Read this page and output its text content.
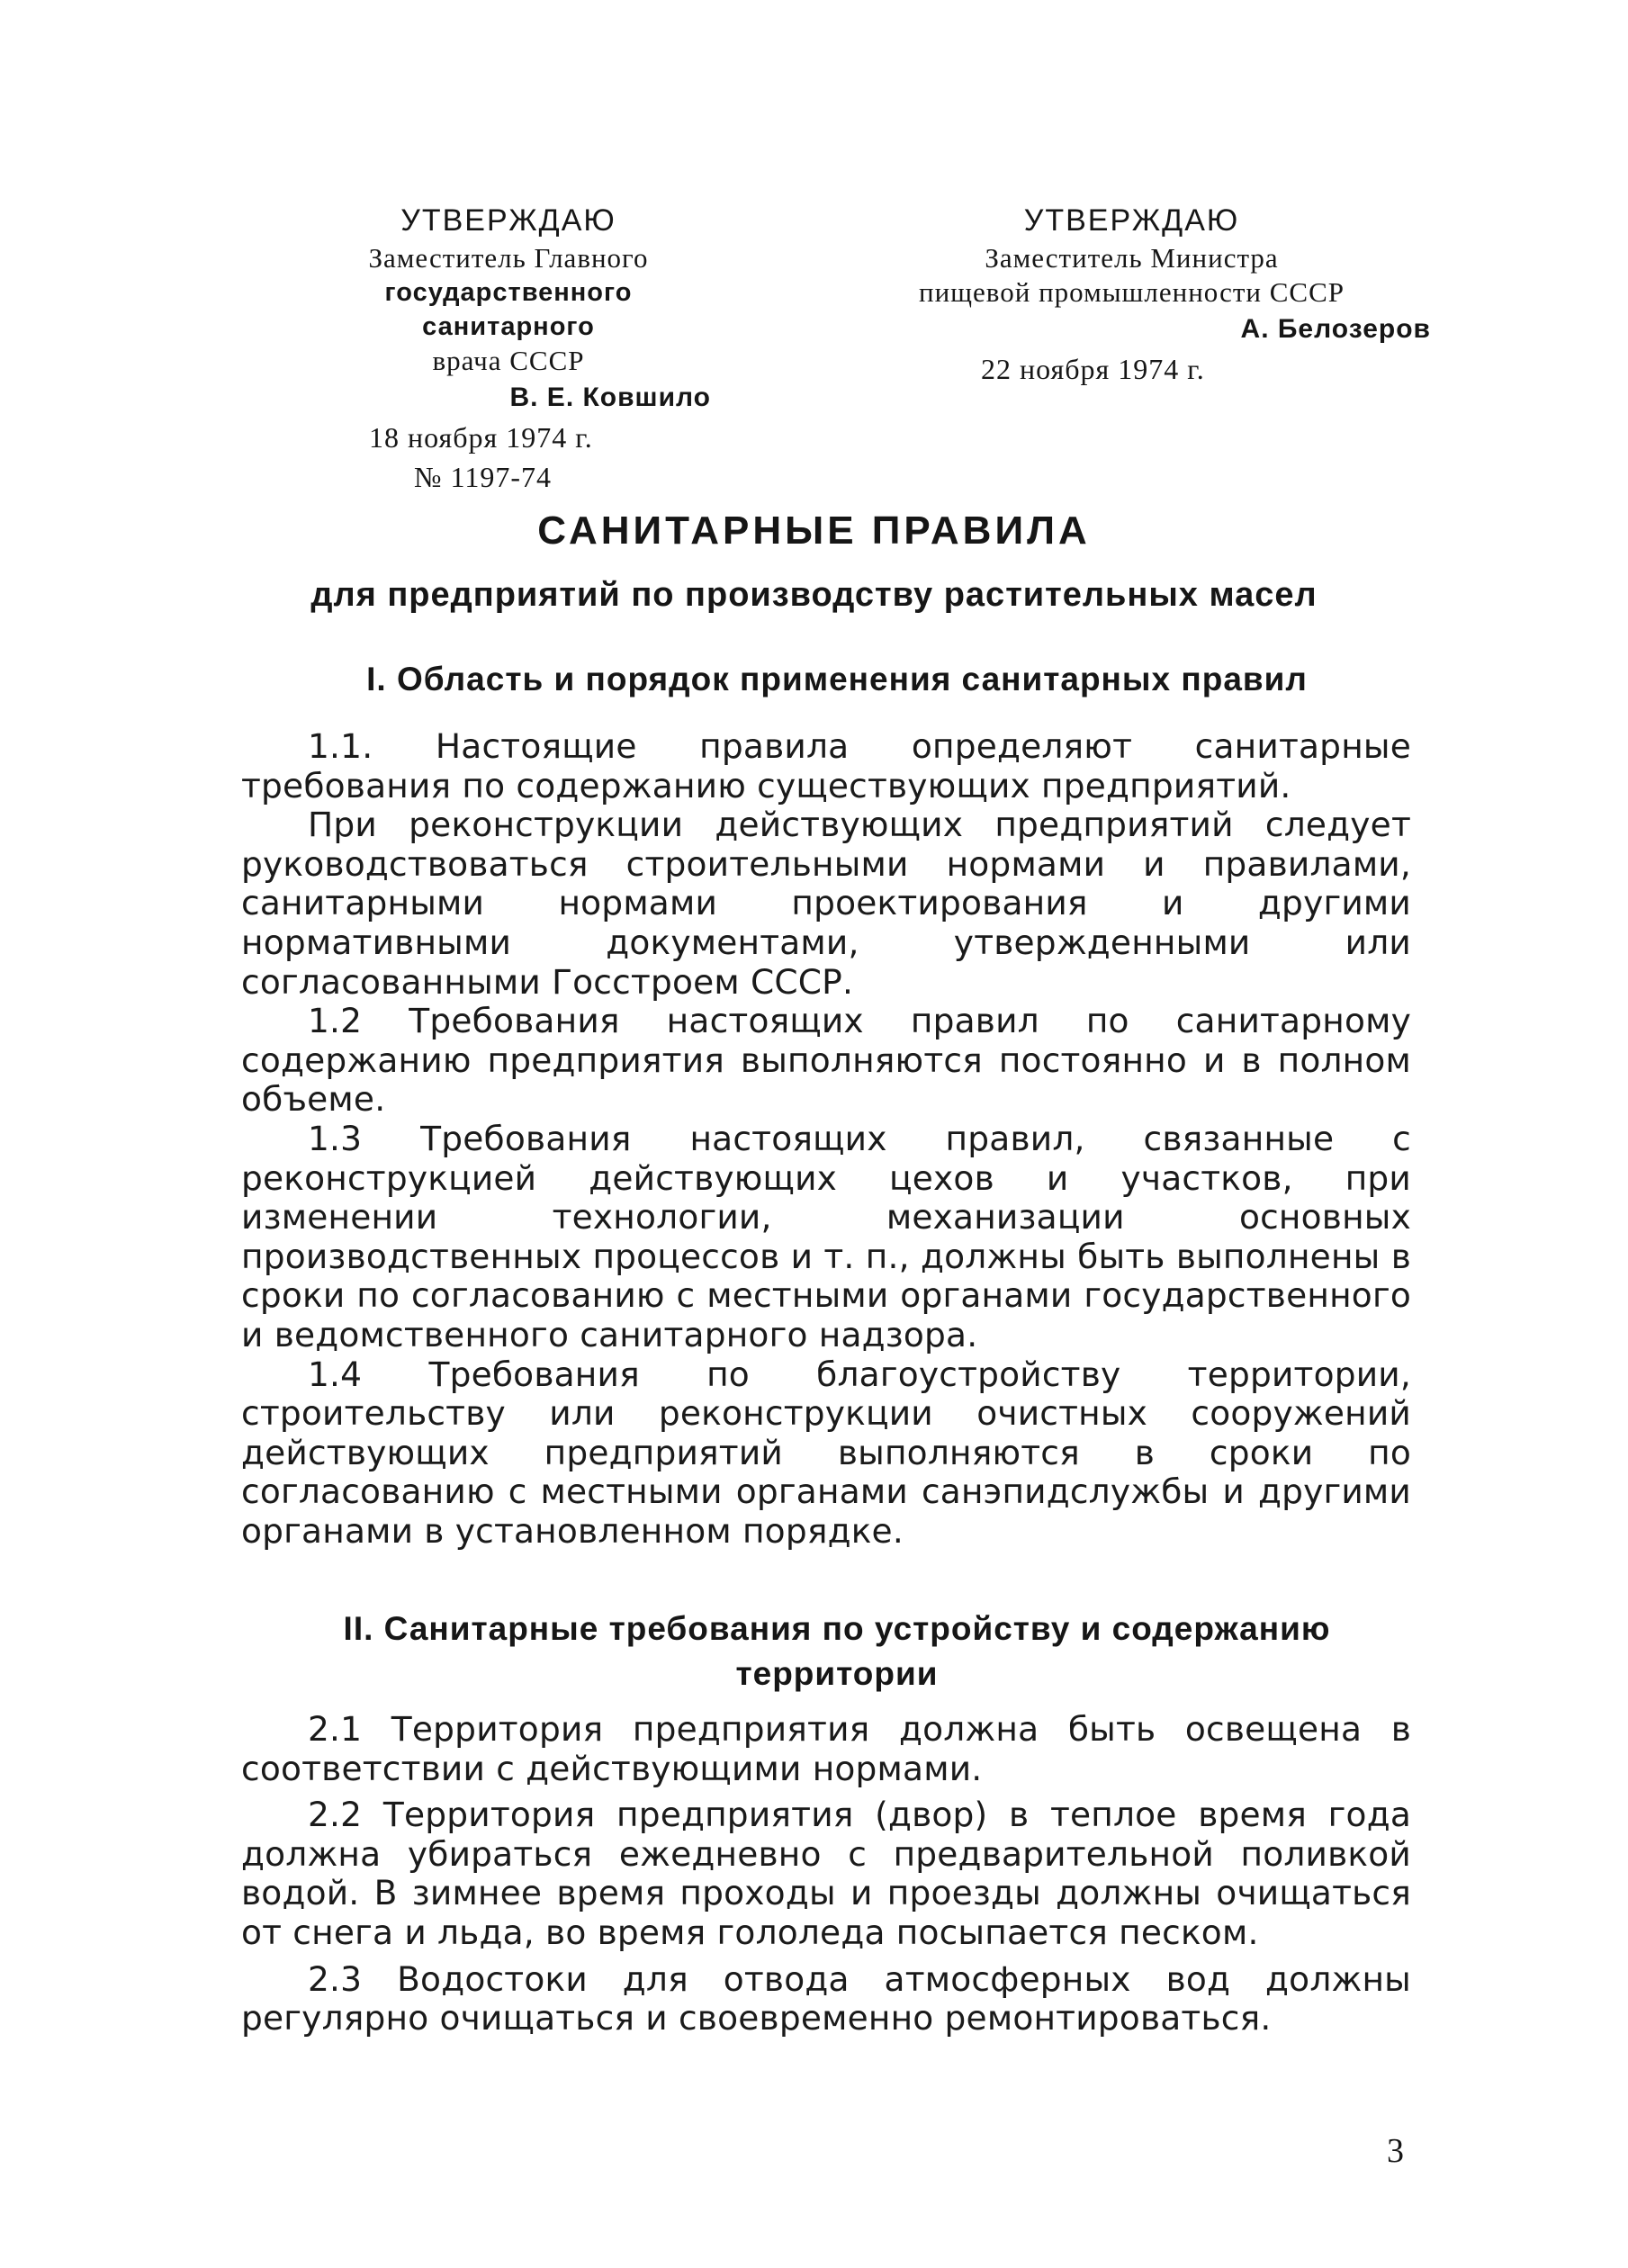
УТВЕРЖДАЮ
Заместитель Главного
государственного санитарного
врача СССР
В. Е. Ковшило
18 ноября 1974 г.
№ 1197-74
УТВЕРЖДАЮ
Заместитель Министра
пищевой промышленности СССР
А. Белозеров
22 ноября 1974 г.
САНИТАРНЫЕ ПРАВИЛА
для предприятий по производству растительных масел
I. Область и порядок применения санитарных правил

1.1. Настоящие правила определяют санитарные требования по содержанию существующих предприятий.

При реконструкции действующих предприятий следует руководствоваться строительными нормами и правилами, санитарными нормами проектирования и другими нормативными документами, утвержденными или согласованными Госстроем СССР.

1.2 Требования настоящих правил по санитарному содержанию предприятия выполняются постоянно и в полном объеме.

1.3 Требования настоящих правил, связанные с реконструкцией действующих цехов и участков, при изменении технологии, механизации основных производственных процессов и т. п., должны быть выполнены в сроки по согласованию с местными органами государственного и ведомственного санитарного надзора.

1.4 Требования по благоустройству территории, строительству или реконструкции очистных сооружений действующих предприятий выполняются в сроки по согласованию с местными органами санэпидслужбы и другими органами в установленном порядке.

II. Санитарные требования по устройству и содержанию
территории

2.1 Территория предприятия должна быть освещена в соответствии с действующими нормами.

2.2 Территория предприятия (двор) в теплое время года должна убираться ежедневно с предварительной поливкой водой. В зимнее время проходы и проезды должны очищаться от снега и льда, во время гололеда посыпается песком.

2.3 Водостоки для отвода атмосферных вод должны регулярно очищаться и своевременно ремонтироваться.

3
